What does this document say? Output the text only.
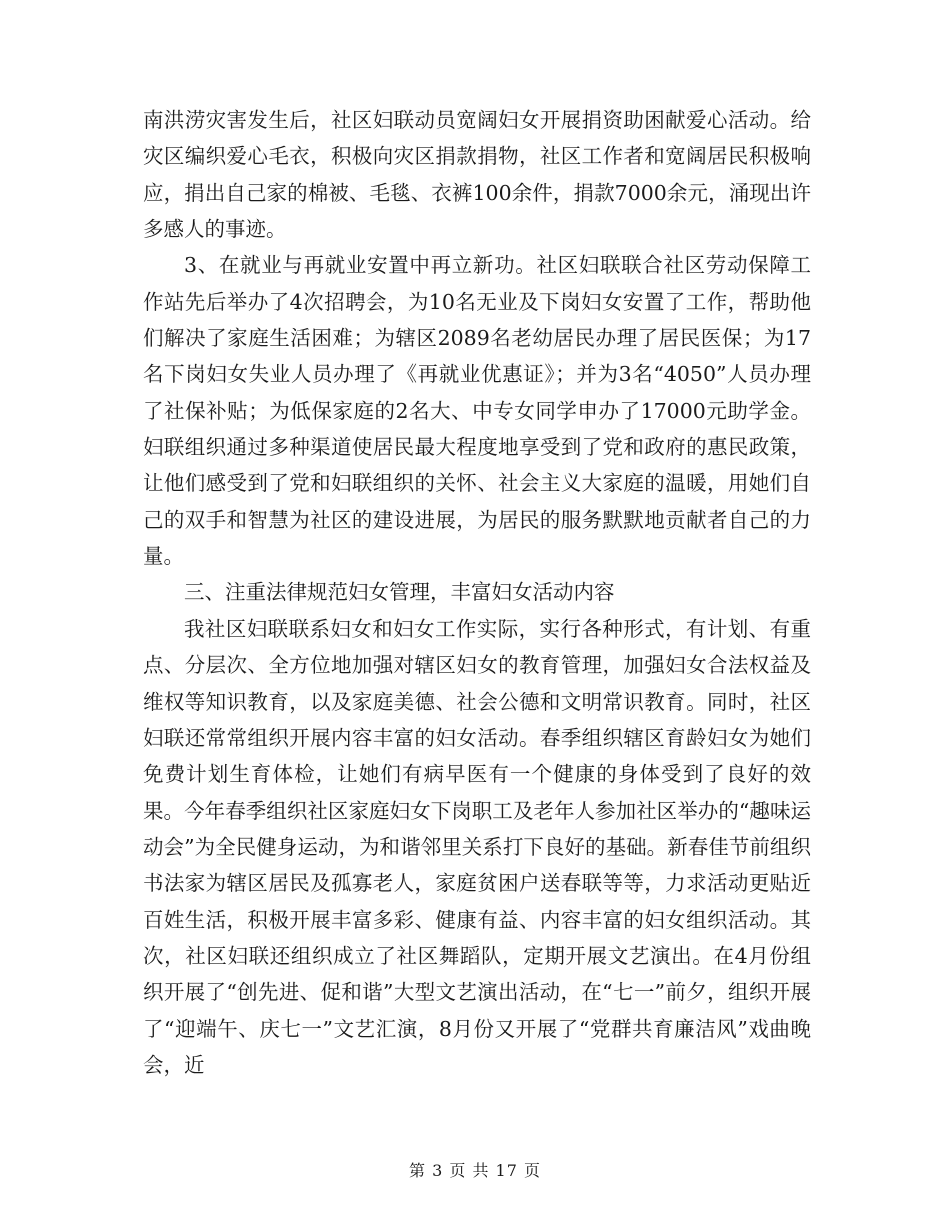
南洪涝灾害发生后，社区妇联动员宽阔妇女开展捐资助困献爱心活动。给灾区编织爱心毛衣，积极向灾区捐款捐物，社区工作者和宽阔居民积极响应，捐出自己家的棉被、毛毯、衣裤100余件，捐款7000余元，涌现出许多感人的事迹。

3、在就业与再就业安置中再立新功。社区妇联联合社区劳动保障工作站先后举办了4次招聘会，为10名无业及下岗妇女安置了工作，帮助他们解决了家庭生活困难；为辖区2089名老幼居民办理了居民医保；为17名下岗妇女失业人员办理了《再就业优惠证》；并为3名“4050”人员办理了社保补贴；为低保家庭的2名大、中专女同学申办了17000元助学金。妇联组织通过多种渠道使居民最大程度地享受到了党和政府的惠民政策，让他们感受到了党和妇联组织的关怀、社会主义大家庭的温暖，用她们自己的双手和智慧为社区的建设进展，为居民的服务默默地贡献者自己的力量。

三、注重法律规范妇女管理，丰富妇女活动内容

我社区妇联联系妇女和妇女工作实际，实行各种形式，有计划、有重点、分层次、全方位地加强对辖区妇女的教育管理，加强妇女合法权益及维权等知识教育，以及家庭美德、社会公德和文明常识教育。同时，社区妇联还常常组织开展内容丰富的妇女活动。春季组织辖区育龄妇女为她们免费计划生育体检，让她们有病早医有一个健康的身体受到了良好的效果。今年春季组织社区家庭妇女下岗职工及老年人参加社区举办的“趣味运动会”为全民健身运动，为和谐邻里关系打下良好的基础。新春佳节前组织书法家为辖区居民及孤寡老人，家庭贫困户送春联等等，力求活动更贴近百姓生活，积极开展丰富多彩、健康有益、内容丰富的妇女组织活动。其次，社区妇联还组织成立了社区舞蹈队，定期开展文艺演出。在4月份组织开展了“创先进、促和谐”大型文艺演出活动，在“七一”前夕，组织开展了“迎端午、庆七一”文艺汇演，8月份又开展了“党群共育廉洁风”戏曲晚会，近

第 3 页 共 17 页
